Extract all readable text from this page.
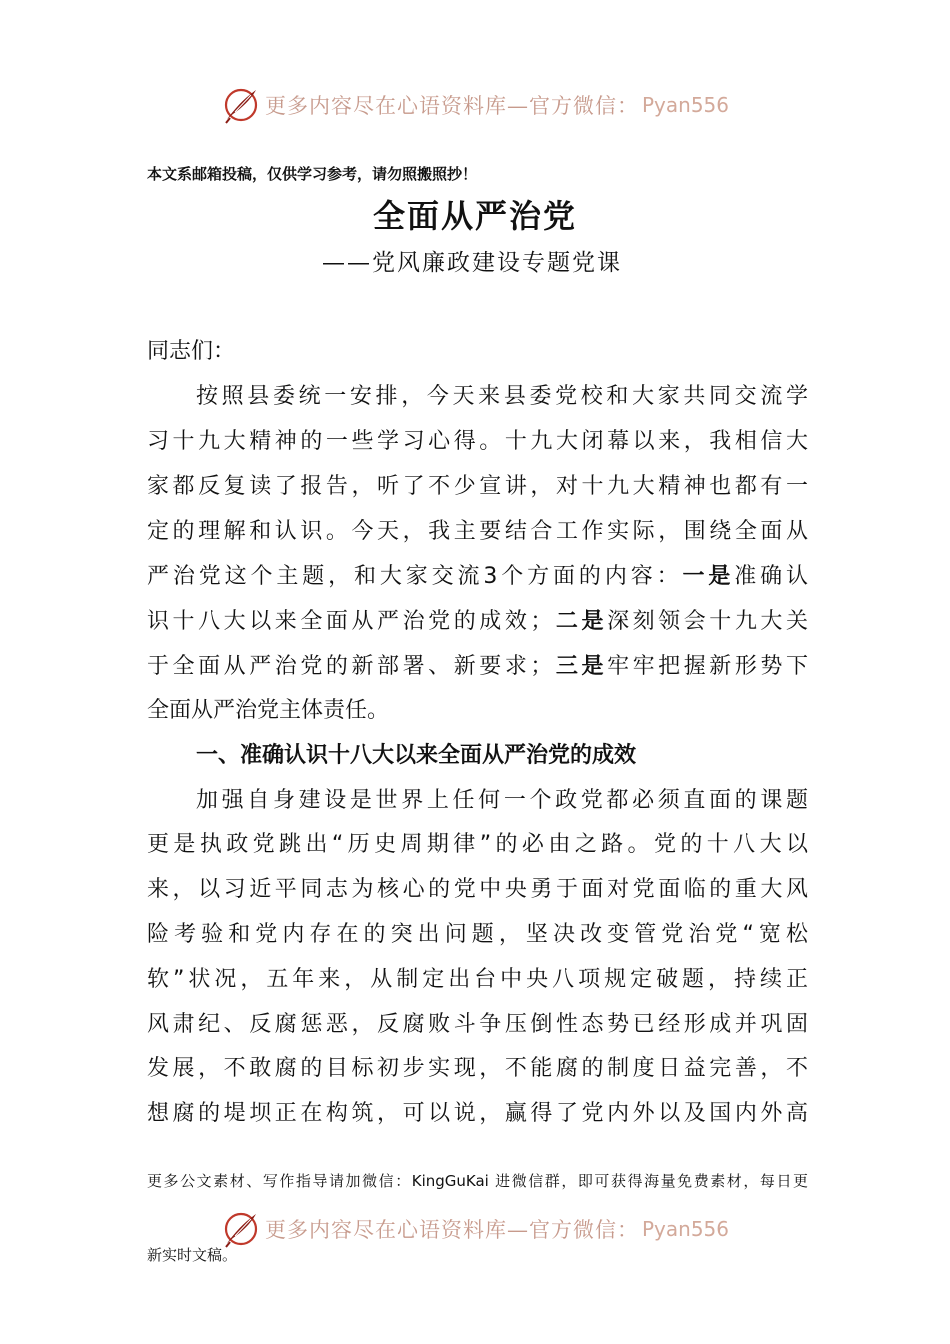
更多内容尽在心语资料库—官方微信： Pyan556
本文系邮箱投稿，仅供学习参考，请勿照搬照抄！
全面从严治党
——党风廉政建设专题党课
同志们：
按照县委统一安排，今天来县委党校和大家共同交流学
习十九大精神的一些学习心得。十九大闭幕以来，我相信大
家都反复读了报告，听了不少宣讲，对十九大精神也都有一
定的理解和认识。今天，我主要结合工作实际，围绕全面从
严治党这个主题，和大家交流3个方面的内容：一是准确认
识十八大以来全面从严治党的成效；二是深刻领会十九大关
于全面从严治党的新部署、新要求；三是牢牢把握新形势下
全面从严治党主体责任。
一、准确认识十八大以来全面从严治党的成效
加强自身建设是世界上任何一个政党都必须直面的课题
更是执政党跳出“历史周期律”的必由之路。党的十八大以
来，以习近平同志为核心的党中央勇于面对党面临的重大风
险考验和党内存在的突出问题，坚决改变管党治党“宽松
软”状况，五年来，从制定出台中央八项规定破题，持续正
风肃纪、反腐惩恶，反腐败斗争压倒性态势已经形成并巩固
发展，不敢腐的目标初步实现，不能腐的制度日益完善，不
想腐的堤坝正在构筑，可以说，赢得了党内外以及国内外高
更多公文素材、写作指导请加微信：KingGuKai 进微信群，即可获得海量免费素材，每日更
更多内容尽在心语资料库—官方微信： Pyan556
新实时文稿。
